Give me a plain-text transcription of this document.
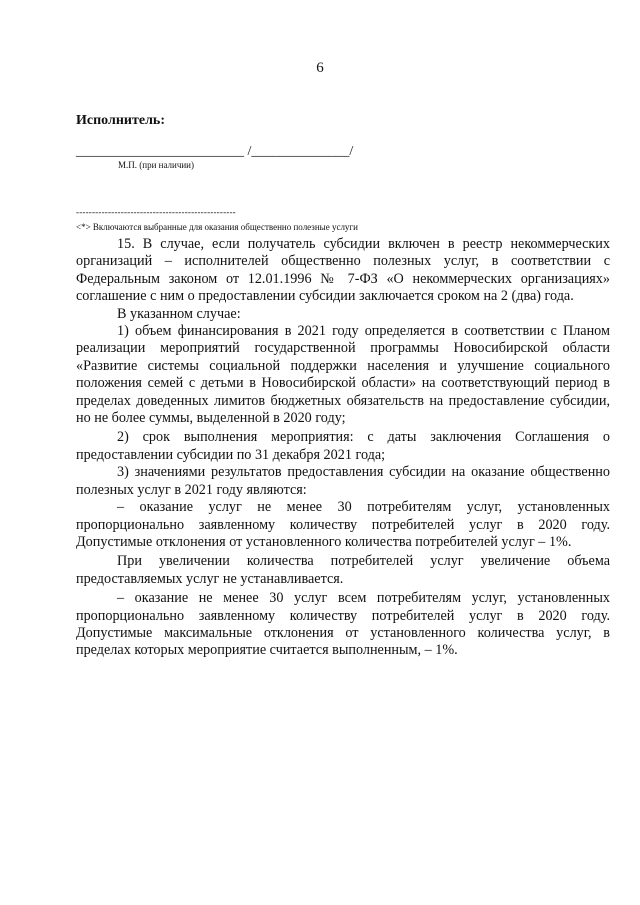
6
Исполнитель:
________________________ /______________/
М.П. (при наличии)
--------------------------------------------------
<*> Включаются выбранные для оказания общественно полезные услуги

15. В случае, если получатель субсидии включен в реестр некоммерческих организаций – исполнителей общественно полезных услуг, в соответствии с Федеральным законом от 12.01.1996 № 7-ФЗ «О некоммерческих организациях» соглашение с ним о предоставлении субсидии заключается сроком на 2 (два) года.

В указанном случае:

1) объем финансирования в 2021 году определяется в соответствии с Планом реализации мероприятий государственной программы Новосибирской области «Развитие системы социальной поддержки населения и улучшение социального положения семей с детьми в Новосибирской области» на соответствующий период в пределах доведенных лимитов бюджетных обязательств на предоставление субсидии, но не более суммы, выделенной в 2020 году;

2) срок выполнения мероприятия: с даты заключения Соглашения о предоставлении субсидии по 31 декабря 2021 года;

3) значениями результатов предоставления субсидии на оказание общественно полезных услуг в 2021 году являются:

– оказание услуг не менее 30 потребителям услуг, установленных пропорционально заявленному количеству потребителей услуг в 2020 году. Допустимые отклонения от установленного количества потребителей услуг – 1%.

При увеличении количества потребителей услуг увеличение объема предоставляемых услуг не устанавливается.

– оказание не менее 30 услуг всем потребителям услуг, установленных пропорционально заявленному количеству потребителей услуг в 2020 году. Допустимые максимальные отклонения от установленного количества услуг, в пределах которых мероприятие считается выполненным, – 1%.
